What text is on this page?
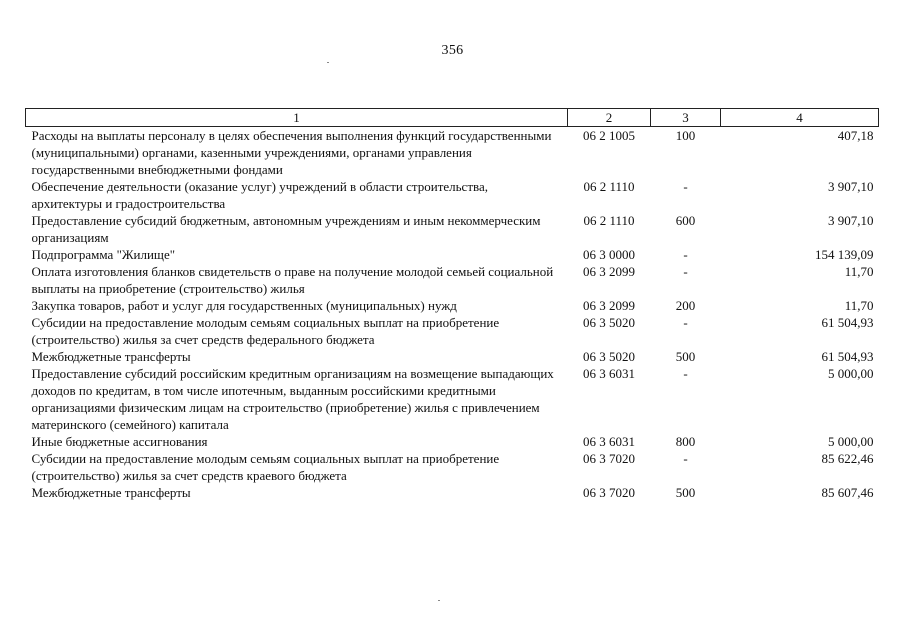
356
1	2	3	4
Расходы на выплаты персоналу в целях обеспечения выполнения функций государственными (муниципальными) органами, казенными учреждениями, органами управления государственными внебюджетными фондами	06 2 1005	100	407,18
Обеспечение деятельности (оказание услуг) учреждений в области строительства, архитектуры и градостроительства	06 2 1110	-	3 907,10
Предоставление субсидий бюджетным, автономным учреждениям и иным некоммерческим организациям	06 2 1110	600	3 907,10
Подпрограмма "Жилище"	06 3 0000	-	154 139,09
Оплата изготовления бланков свидетельств о праве на получение молодой семьей социальной выплаты на приобретение (строительство) жилья	06 3 2099	-	11,70
Закупка товаров, работ и услуг для государственных (муниципальных) нужд	06 3 2099	200	11,70
Субсидии на предоставление молодым семьям социальных выплат на приобретение (строительство) жилья за счет средств федерального бюджета	06 3 5020	-	61 504,93
Межбюджетные трансферты	06 3 5020	500	61 504,93
Предоставление субсидий российским кредитным организациям на возмещение выпадающих доходов по кредитам, в том числе ипотечным, выданным российскими кредитными организациями физическим лицам на строительство (приобретение) жилья с привлечением материнского (семейного) капитала	06 3 6031	-	5 000,00
Иные бюджетные ассигнования	06 3 6031	800	5 000,00
Субсидии на предоставление молодым семьям социальных выплат на приобретение (строительство) жилья за счет средств краевого бюджета	06 3 7020	-	85 622,46
Межбюджетные трансферты	06 3 7020	500	85 607,46
